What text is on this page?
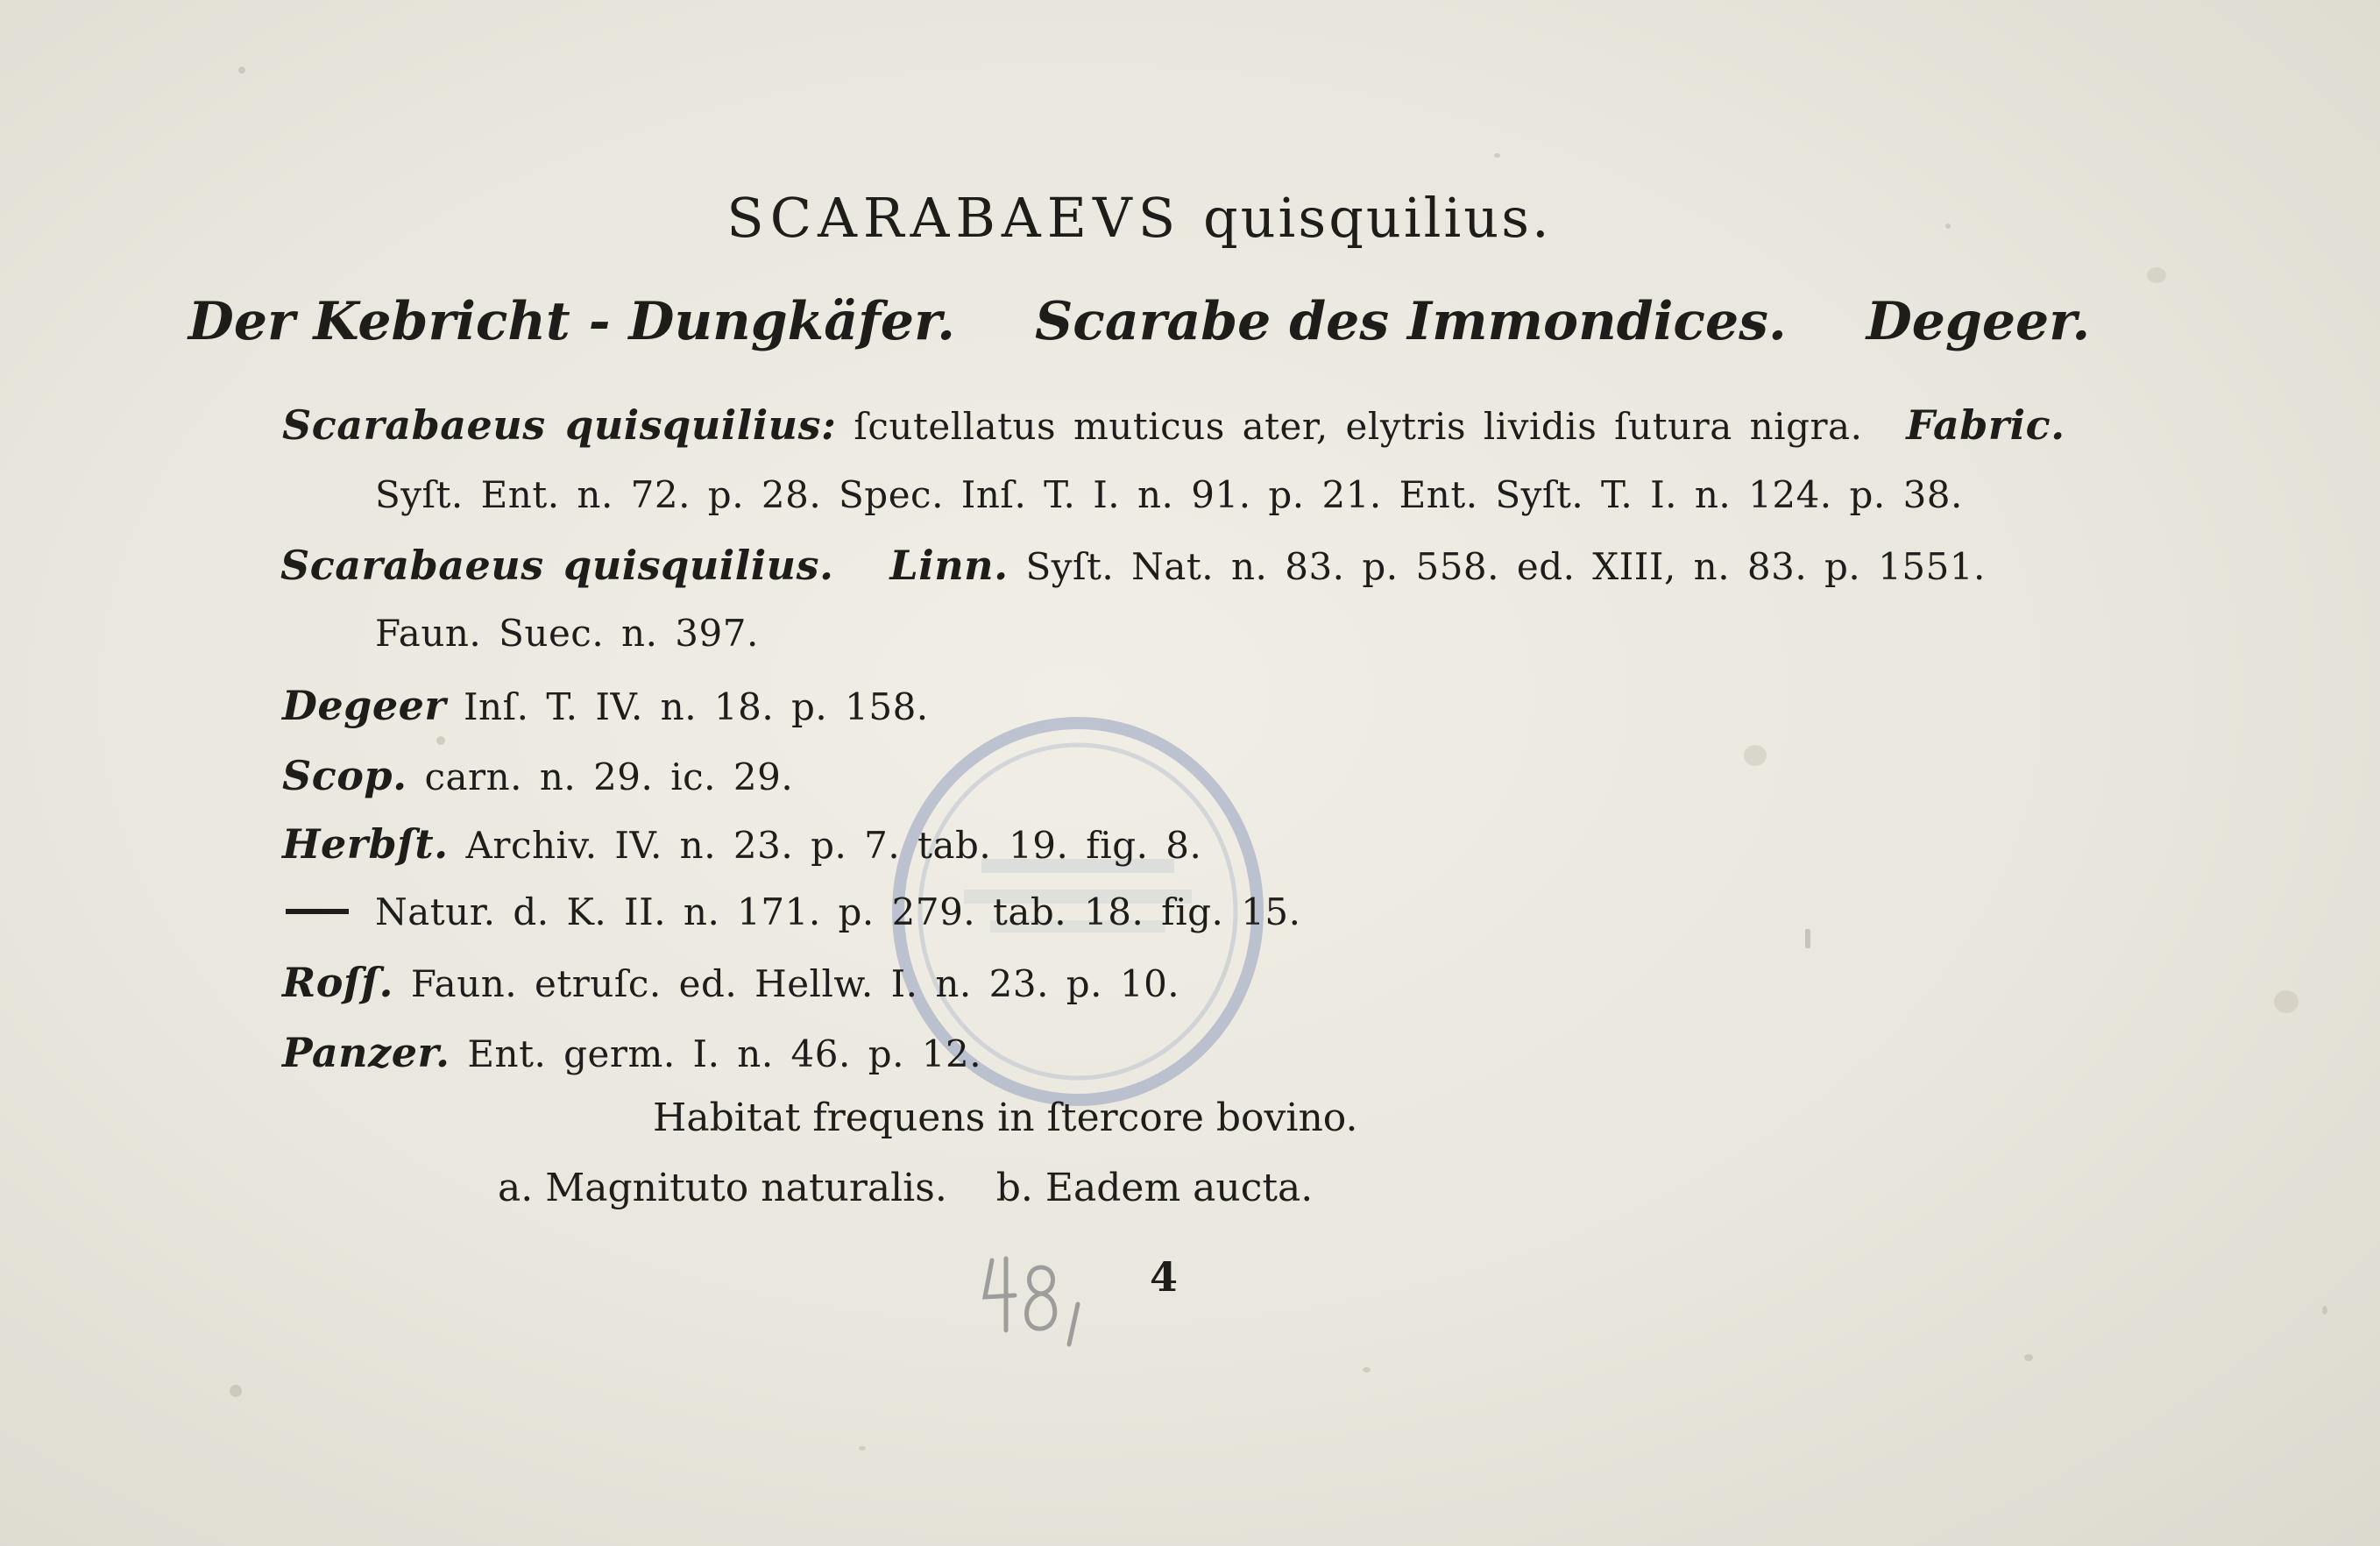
SCARABAEVS quisquilius.
Der Kebricht - Dungkäfer. Scarabe des Immondices. Degeer.
Scarabaeus quisquilius: ſcutellatus muticus ater, elytris lividis ſutura nigra. Fabric.
Syſt. Ent. n. 72. p. 28. Spec. Inſ. T. I. n. 91. p. 21. Ent. Syſt. T. I. n. 124. p. 38.
Scarabaeus quisquilius. Linn. Syſt. Nat. n. 83. p. 558. ed. XIII, n. 83. p. 1551.
Faun. Suec. n. 397.
Degeer Inſ. T. IV. n. 18. p. 158.
Scop. carn. n. 29. ic. 29.
Herbſt. Archiv. IV. n. 23. p. 7. tab. 19. fig. 8.
Natur. d. K. II. n. 171. p. 279. tab. 18. fig. 15.
Roſſ. Faun. etruſc. ed. Hellw. I. n. 23. p. 10.
Panzer. Ent. germ. I. n. 46. p. 12.
Habitat frequens in ſtercore bovino.
a. Magnituto naturalis.    b. Eadem aucta.
4
